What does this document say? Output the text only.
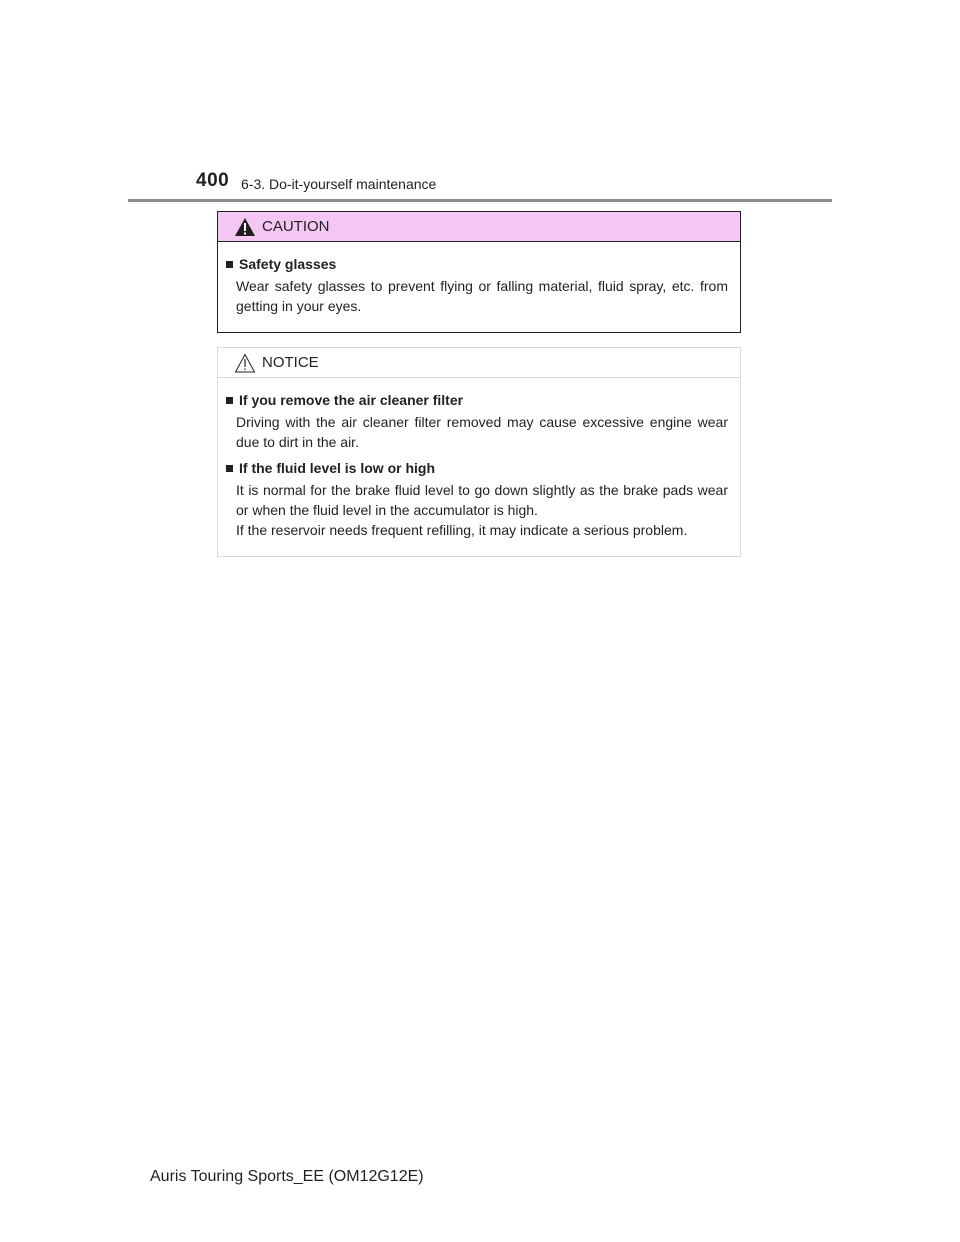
400 6-3. Do-it-yourself maintenance
CAUTION
Safety glasses
Wear safety glasses to prevent flying or falling material, fluid spray, etc. from getting in your eyes.
NOTICE
If you remove the air cleaner filter
Driving with the air cleaner filter removed may cause excessive engine wear due to dirt in the air.
If the fluid level is low or high
It is normal for the brake fluid level to go down slightly as the brake pads wear or when the fluid level in the accumulator is high.
If the reservoir needs frequent refilling, it may indicate a serious problem.
Auris Touring Sports_EE (OM12G12E)
